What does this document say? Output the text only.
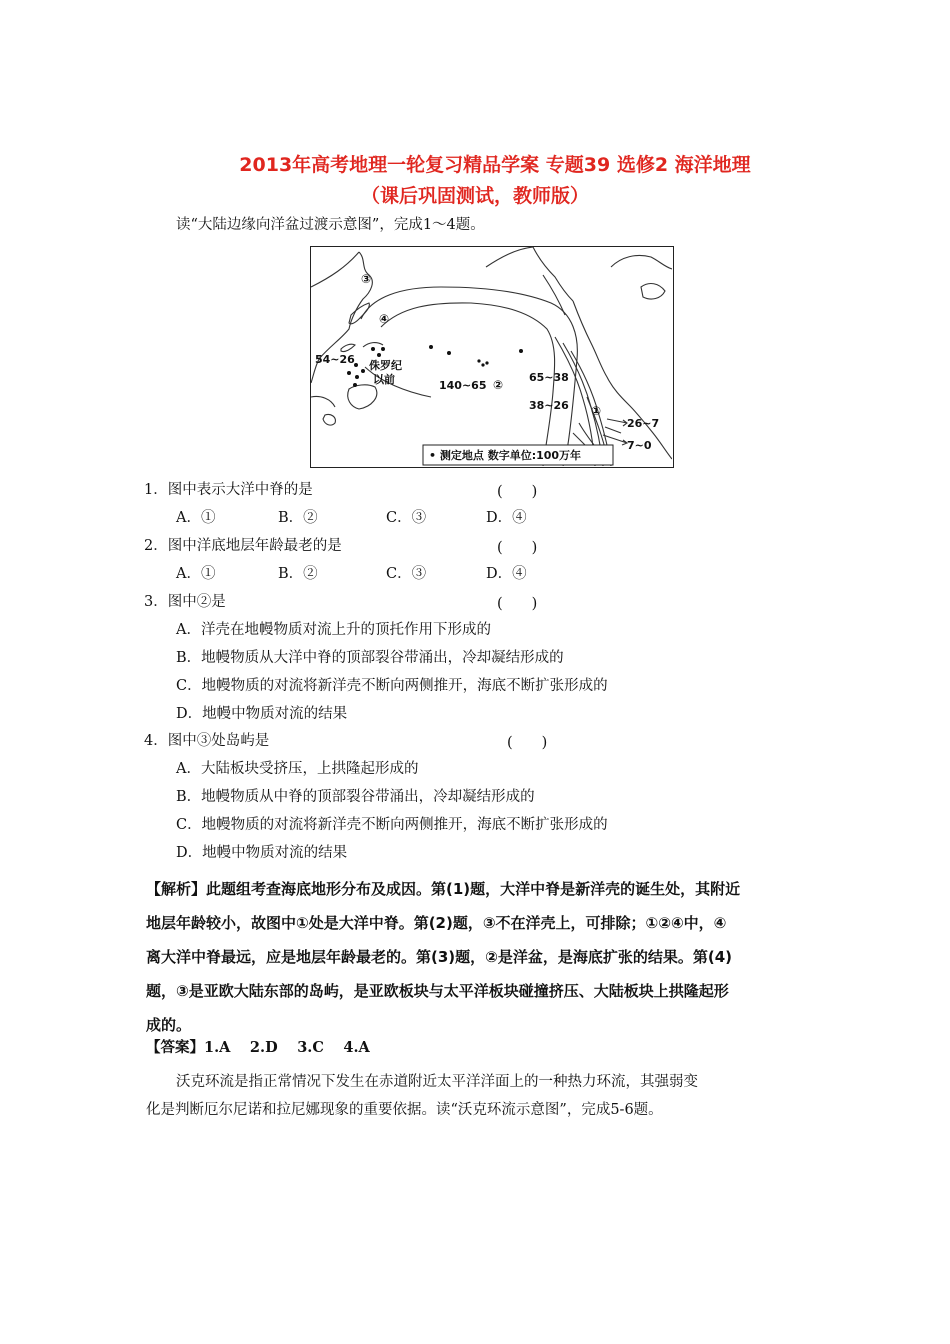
2013年高考地理一轮复习精品学案 专题39 选修2 海洋地理
（课后巩固测试，教师版）
读“大陆边缘向洋盆过渡示意图”，完成1～4题。
③
④
②
①
侏罗纪
以前
54~26
140~65
65~38
38~26
26~7
7~0
• 测定地点 数字单位:100万年
1．图中表示大洋中脊的是	(　　)
A．①	B．②	C．③	D．④
2．图中洋底地层年龄最老的是	(　　)
A．①	B．②	C．③	D．④
3．图中②是	(　　)
A．洋壳在地幔物质对流上升的顶托作用下形成的
B．地幔物质从大洋中脊的顶部裂谷带涌出，冷却凝结形成的
C．地幔物质的对流将新洋壳不断向两侧推开，海底不断扩张形成的
D．地幔中物质对流的结果
4．图中③处岛屿是	(　　)
A．大陆板块受挤压，上拱隆起形成的
B．地幔物质从中脊的顶部裂谷带涌出，冷却凝结形成的
C．地幔物质的对流将新洋壳不断向两侧推开，海底不断扩张形成的
D．地幔中物质对流的结果
【解析】此题组考查海底地形分布及成因。第(1)题，大洋中脊是新洋壳的诞生处，其附近
地层年龄较小，故图中①处是大洋中脊。第(2)题，③不在洋壳上，可排除；①②④中，④
离大洋中脊最远，应是地层年龄最老的。第(3)题，②是洋盆，是海底扩张的结果。第(4)
题，③是亚欧大陆东部的岛屿，是亚欧板块与太平洋板块碰撞挤压、大陆板块上拱隆起形
成的。
【答案】1.A　 2.D　 3.C　 4.A
沃克环流是指正常情况下发生在赤道附近太平洋洋面上的一种热力环流，其强弱变
化是判断厄尔尼诺和拉尼娜现象的重要依据。读“沃克环流示意图”，完成5-6题。
